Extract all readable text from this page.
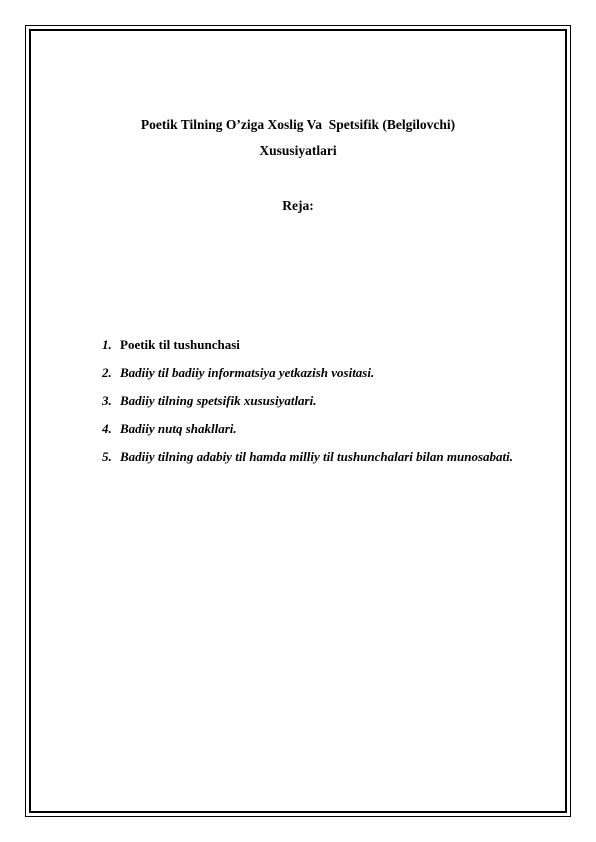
Poetik Tilning O’ziga Xoslig Va  Spetsifik (Belgilovchi)
Xususiyatlari
Reja:
1. Poetik til tushunchasi
2. Badiiy til badiiy informatsiya yetkazish vositasi.
3. Badiiy tilning spetsifik xususiyatlari.
4. Badiiy nutq shakllari.
5. Badiiy tilning adabiy til hamda milliy til tushunchalari bilan munosabati.
